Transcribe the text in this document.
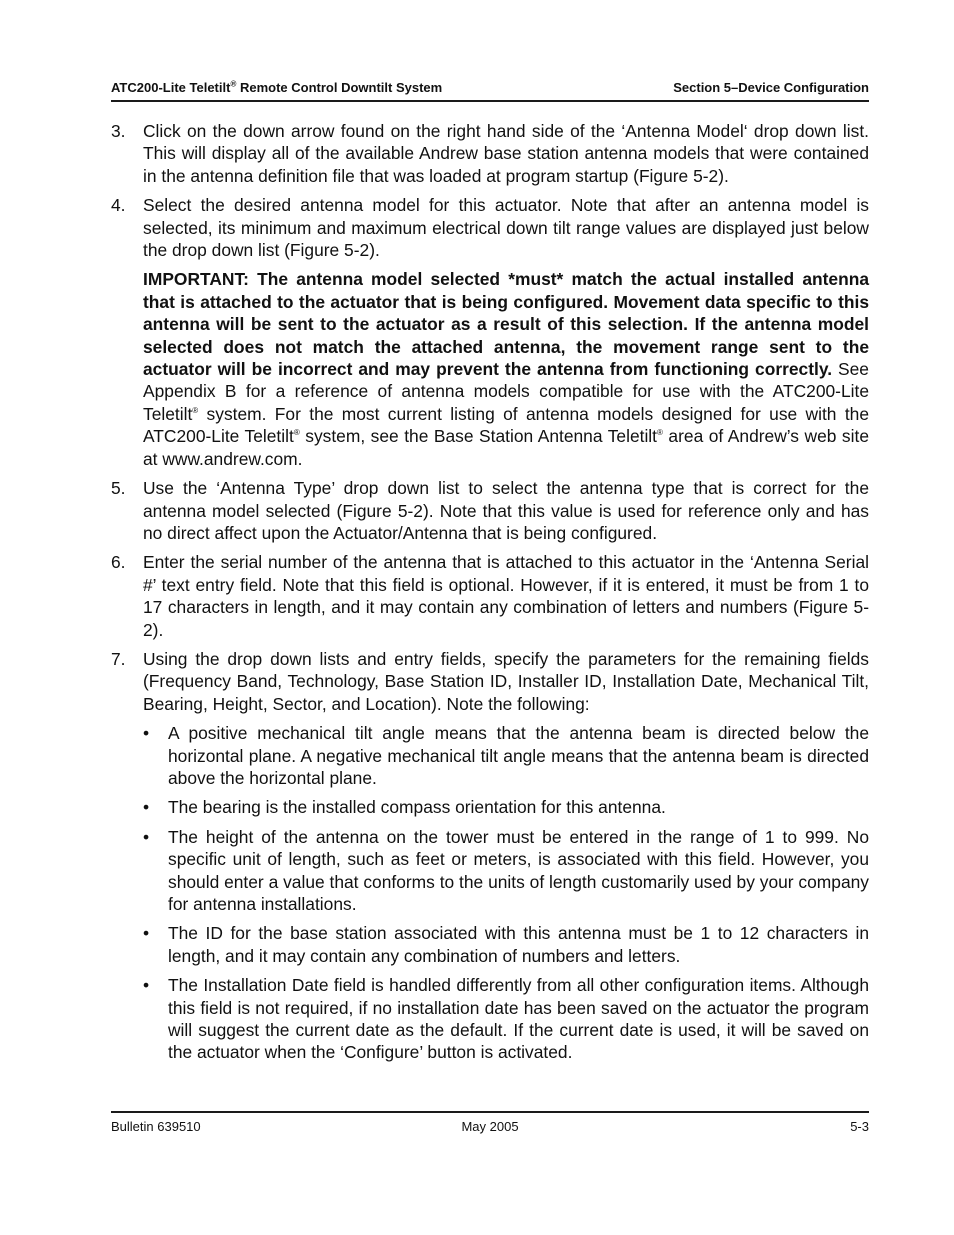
ATC200-Lite Teletilt® Remote Control Downtilt System	Section 5–Device Configuration
3.	Click on the down arrow found on the right hand side of the ‘Antenna Model‘ drop down list. This will display all of the available Andrew base station antenna models that were contained in the antenna definition file that was loaded at program startup (Figure 5-2).

4.	Select the desired antenna model for this actuator. Note that after an antenna model is selected, its minimum and maximum electrical down tilt range values are displayed just below the drop down list (Figure 5-2).

IMPORTANT: The antenna model selected *must* match the actual installed antenna that is attached to the actuator that is being configured. Movement data specific to this antenna will be sent to the actuator as a result of this selection. If the antenna model selected does not match the attached antenna, the movement range sent to the actuator will be incorrect and may prevent the antenna from functioning correctly. See Appendix B for a reference of antenna models compatible for use with the ATC200-Lite Teletilt® system. For the most current listing of antenna models designed for use with the ATC200-Lite Teletilt® system, see the Base Station Antenna Teletilt® area of Andrew’s web site at www.andrew.com.

5.	Use the ‘Antenna Type’ drop down list to select the antenna type that is correct for the antenna model selected (Figure 5-2). Note that this value is used for reference only and has no direct affect upon the Actuator/Antenna that is being configured.

6.	Enter the serial number of the antenna that is attached to this actuator in the ‘Antenna Serial #’ text entry field. Note that this field is optional. However, if it is entered, it must be from 1 to 17 characters in length, and it may contain any combination of letters and numbers (Figure 5-2).

7.	Using the drop down lists and entry fields, specify the parameters for the remaining fields (Frequency Band, Technology, Base Station ID, Installer ID, Installation Date, Mechanical Tilt, Bearing, Height, Sector, and Location). Note the following:

•	A positive mechanical tilt angle means that the antenna beam is directed below the horizontal plane. A negative mechanical tilt angle means that the antenna beam is directed above the horizontal plane.
•	The bearing is the installed compass orientation for this antenna.
•	The height of the antenna on the tower must be entered in the range of 1 to 999. No specific unit of length, such as feet or meters, is associated with this field. However, you should enter a value that conforms to the units of length customarily used by your company for antenna installations.
•	The ID for the base station associated with this antenna must be 1 to 12 characters in length, and it may contain any combination of numbers and letters.
•	The Installation Date field is handled differently from all other configuration items. Although this field is not required, if no installation date has been saved on the actuator the program will suggest the current date as the default. If the current date is used, it will be saved on the actuator when the ‘Configure’ button is activated.
Bulletin 639510	May 2005	5-3
